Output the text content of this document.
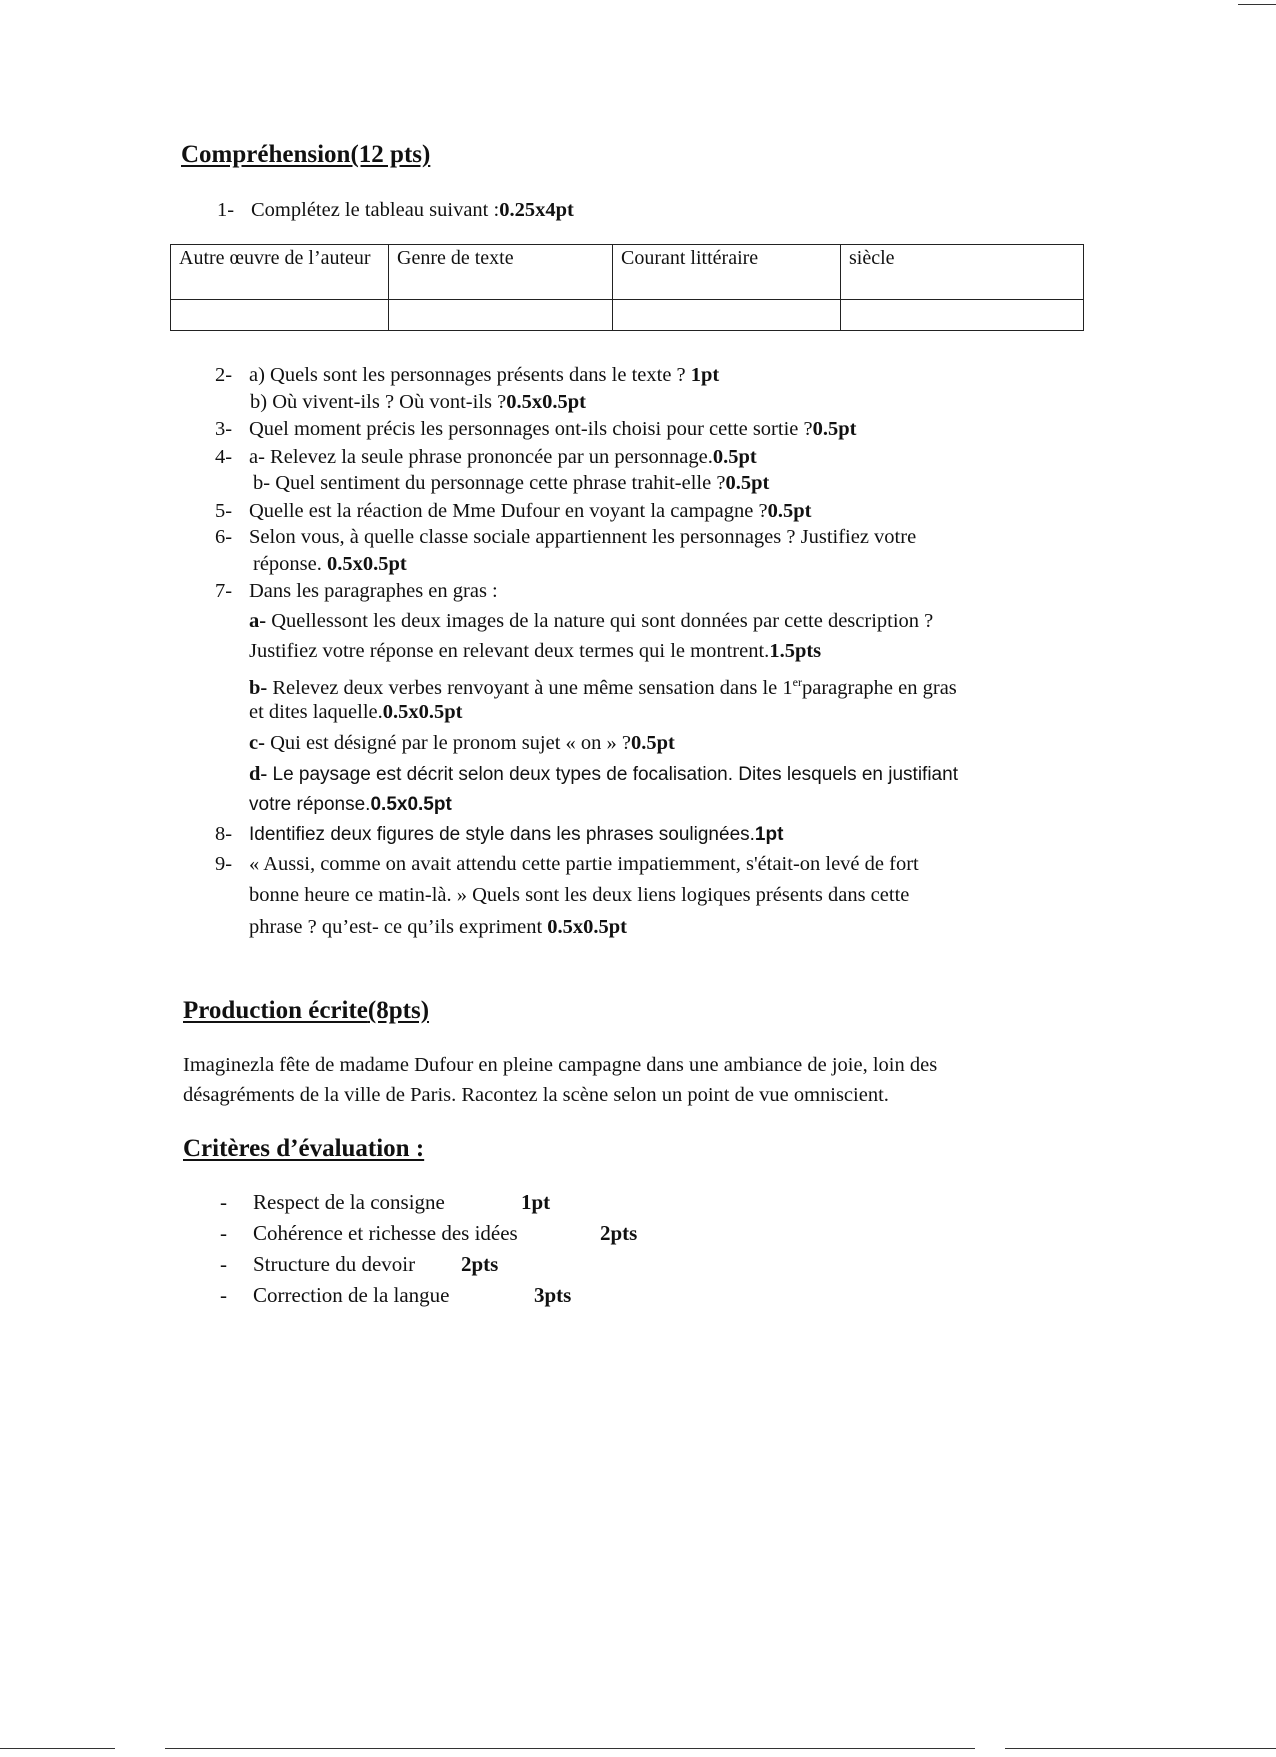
Compréhension(12 pts)
1- Complétez le tableau suivant :0.25x4pt
Autre œuvre de l’auteur	Genre de texte	Courant littéraire	siècle

2- a) Quels sont les personnages présents dans le texte ? 1pt
b) Où vivent-ils ? Où vont-ils ?0.5x0.5pt
3- Quel moment précis les personnages ont-ils choisi pour cette sortie ?0.5pt
4- a- Relevez la seule phrase prononcée par un personnage.0.5pt
b- Quel sentiment du personnage cette phrase trahit-elle ?0.5pt
5- Quelle est la réaction de Mme Dufour en voyant la campagne ?0.5pt
6- Selon vous, à quelle classe sociale appartiennent les personnages ? Justifiez votre
réponse. 0.5x0.5pt
7- Dans les paragraphes en gras :
a- Quellessont les deux images de la nature qui sont données par cette description ?
Justifiez votre réponse en relevant deux termes qui le montrent.1.5pts
b- Relevez deux verbes renvoyant à une même sensation dans le 1erparagraphe en gras
et dites laquelle.0.5x0.5pt
c- Qui est désigné par le pronom sujet « on » ?0.5pt
d- Le paysage est décrit selon deux types de focalisation. Dites lesquels en justifiant
votre réponse.0.5x0.5pt
8- Identifiez deux figures de style dans les phrases soulignées.1pt
9- « Aussi, comme on avait attendu cette partie impatiemment, s'était-on levé de fort
bonne heure ce matin-là. » Quels sont les deux liens logiques présents dans cette
phrase ? qu’est- ce qu’ils expriment 0.5x0.5pt
Production écrite(8pts)
Imaginezla fête de madame Dufour en pleine campagne dans une ambiance de joie, loin des
désagréments de la ville de Paris. Racontez la scène selon un point de vue omniscient.
Critères d’évaluation :
- Respect de la consigne	1pt
- Cohérence et richesse des idées	2pts
- Structure du devoir 2pts
- Correction de la langue	3pts
